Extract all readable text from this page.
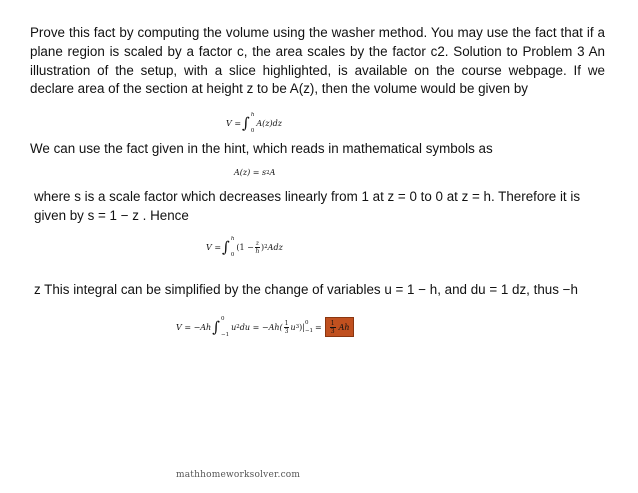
Prove this fact by computing the volume using the washer method. You may use the fact that if a plane region is scaled by a factor c, the area scales by the factor c2. Solution to Problem 3 An illustration of the setup, with a slice highlighted, is available on the course webpage. If we declare area of the section at height z to be A(z), then the volume would be given by

V = ∫ h
0
A(z)dz

We can use the fact given in the hint, which reads in mathematical symbols as

A(z) =
s 2 A

where s is a scale factor which decreases linearly from 1 at z = 0 to 0 at z = h. Therefore it is given by s = 1 − z . Hence

V = ∫ h
0
($1 - \frac{z}{h}$ ) 2 Adz

z This integral can be simplified by the change of variables u = 1 − h, and du = 1 dz, thus −h

V = −Ah ∫ 0
−1
u 2 du = $-Ah( \frac{1}{3}$ u 3 )| 0
$-1 = \frac{1}{3}$ Ah
mathhomeworksolver.com
